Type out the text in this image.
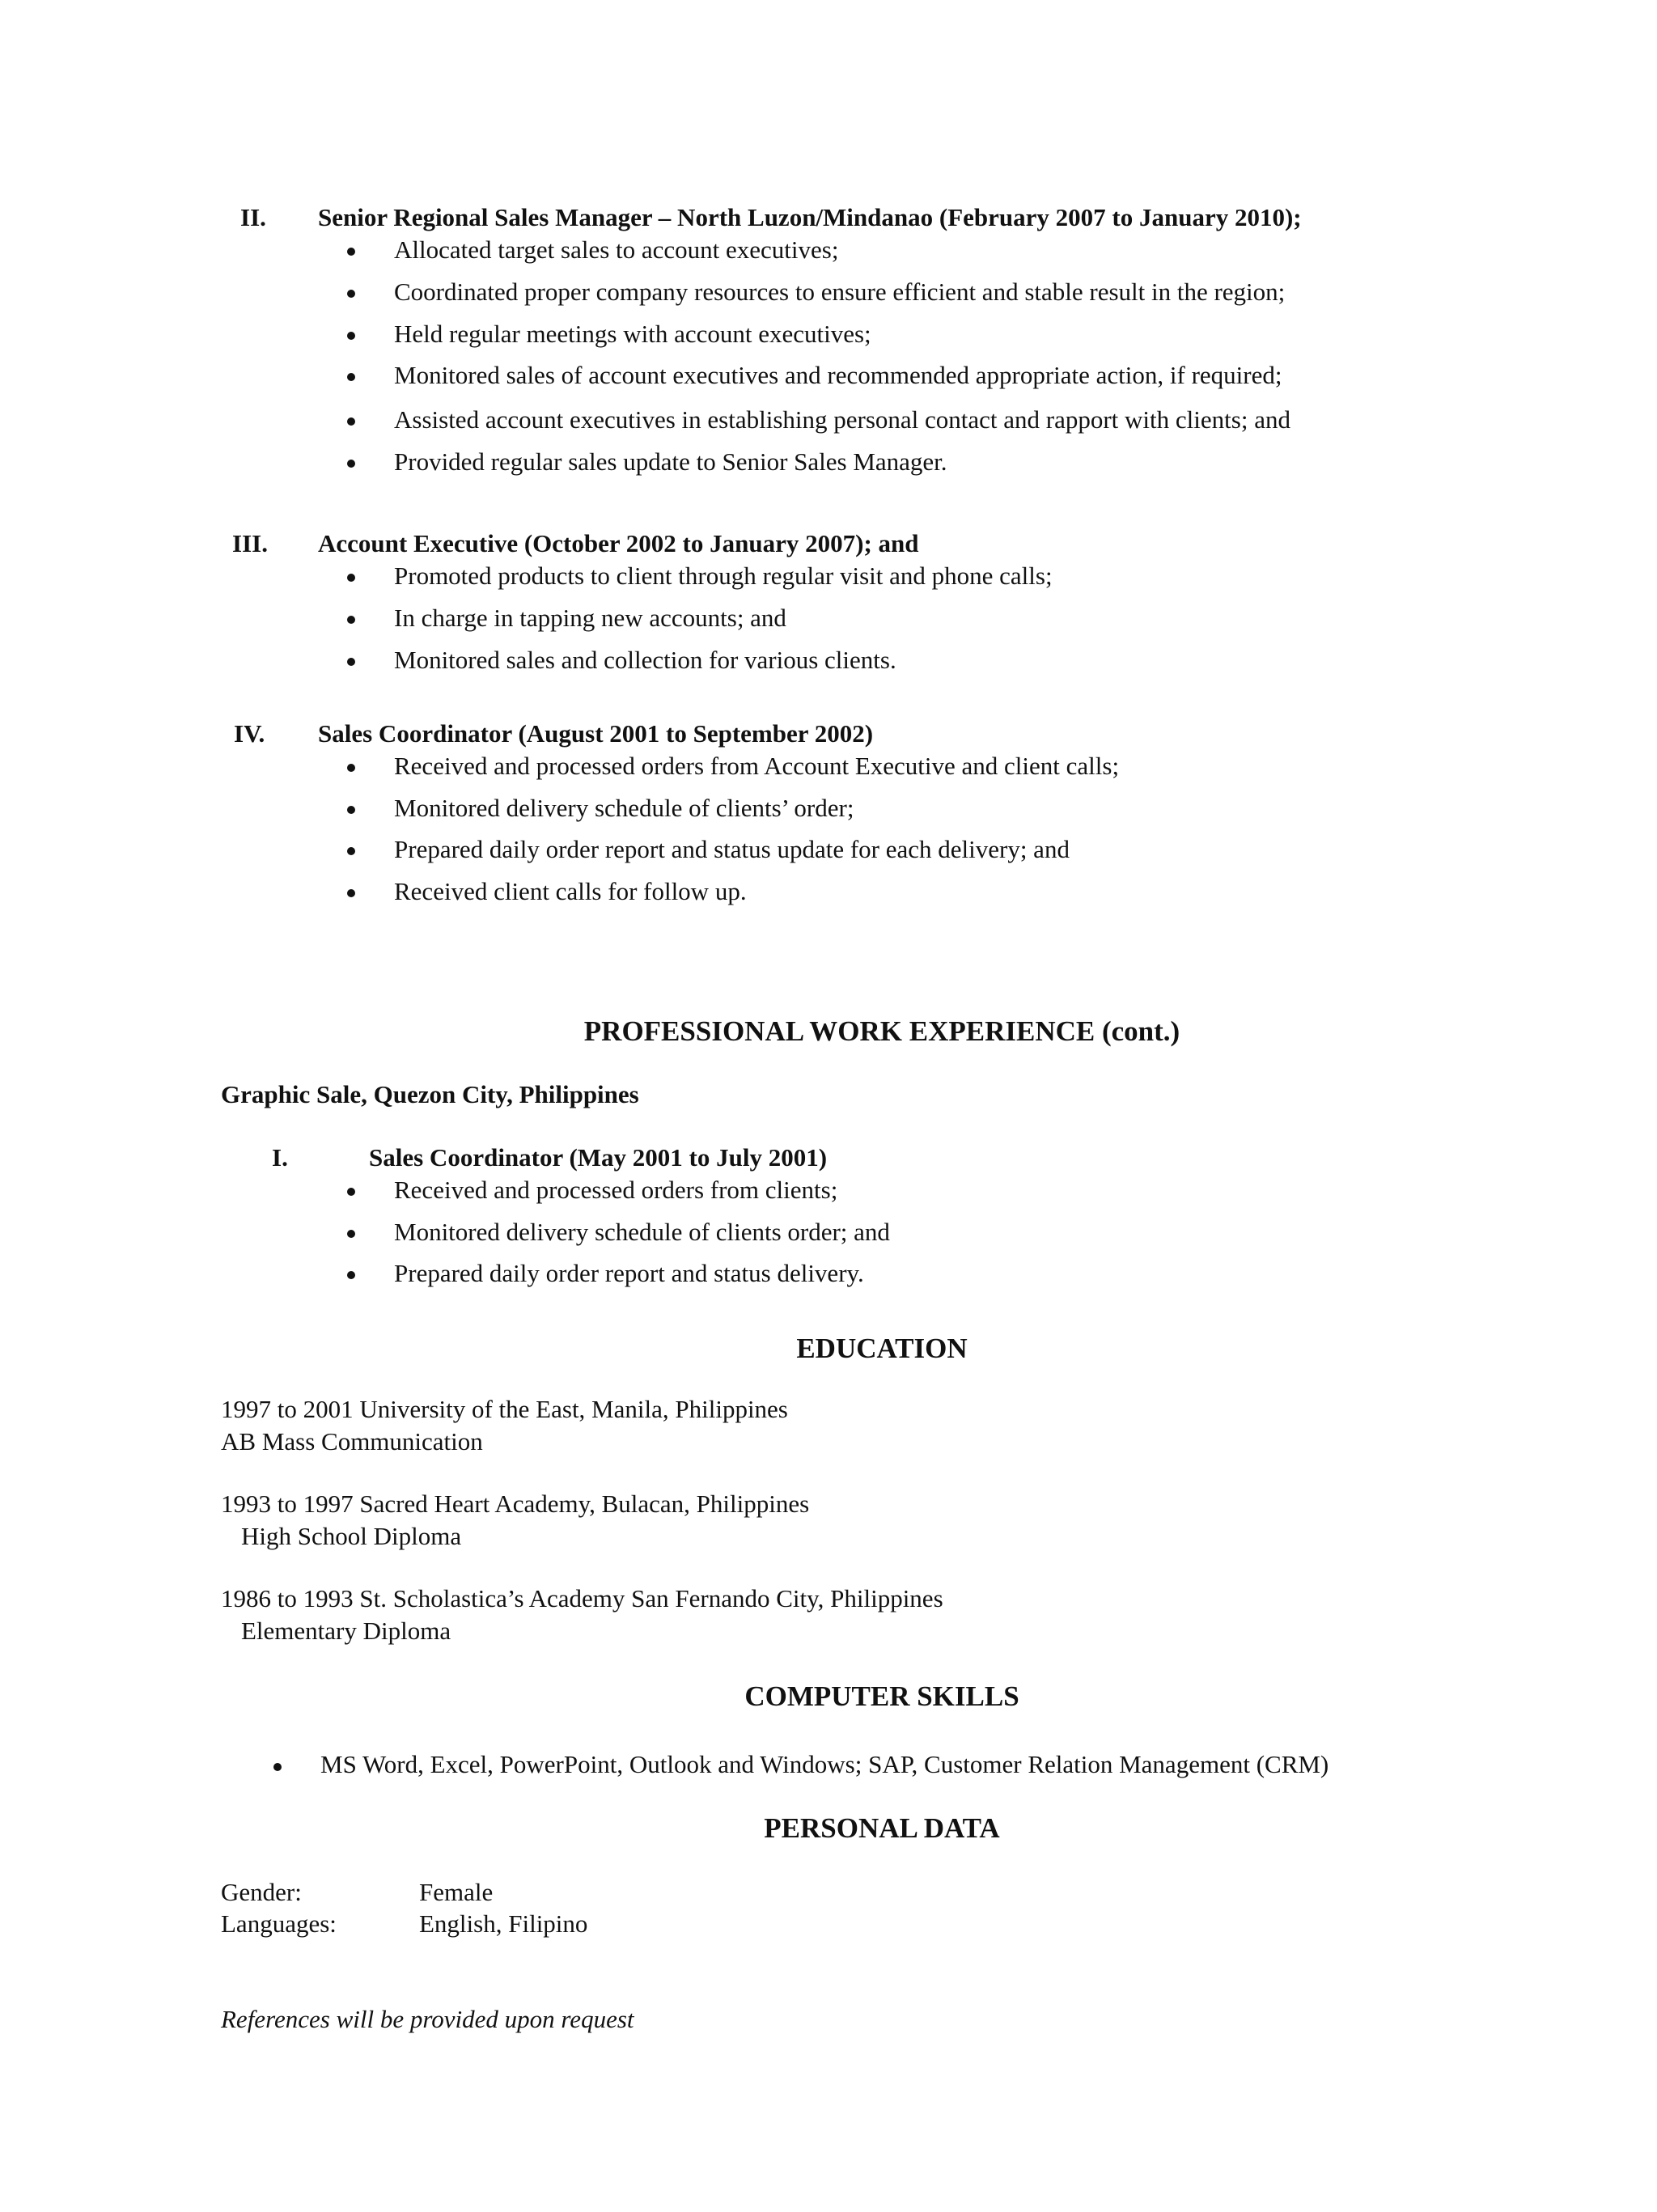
II. Senior Regional Sales Manager – North Luzon/Mindanao (February 2007 to January 2010);
Allocated target sales to account executives;
Coordinated proper company resources to ensure efficient and stable result in the region;
Held regular meetings with account executives;
Monitored sales of account executives and recommended appropriate action, if required;
Assisted account executives in establishing personal contact and rapport with clients; and
Provided regular sales update to Senior Sales Manager.
III. Account Executive (October 2002 to January 2007); and
Promoted products to client through regular visit and phone calls;
In charge in tapping new accounts; and
Monitored sales and collection for various clients.
IV. Sales Coordinator (August 2001 to September 2002)
Received and processed orders from Account Executive and client calls;
Monitored delivery schedule of clients’ order;
Prepared daily order report and status update for each delivery; and
Received client calls for follow up.
PROFESSIONAL WORK EXPERIENCE (cont.)
Graphic Sale, Quezon City, Philippines
I.	Sales Coordinator (May 2001 to July 2001)
Received and processed orders from clients;
Monitored delivery schedule of clients order; and
Prepared daily order report and status delivery.
EDUCATION
1997 to 2001 University of the East, Manila, Philippines
AB Mass Communication
1993 to 1997 Sacred Heart Academy, Bulacan, Philippines
High School Diploma
1986 to 1993 St. Scholastica’s Academy San Fernando City, Philippines
Elementary Diploma
COMPUTER SKILLS
MS Word, Excel, PowerPoint, Outlook and Windows; SAP, Customer Relation Management (CRM)
PERSONAL DATA
Gender:	Female
Languages:	English, Filipino
References will be provided upon request
